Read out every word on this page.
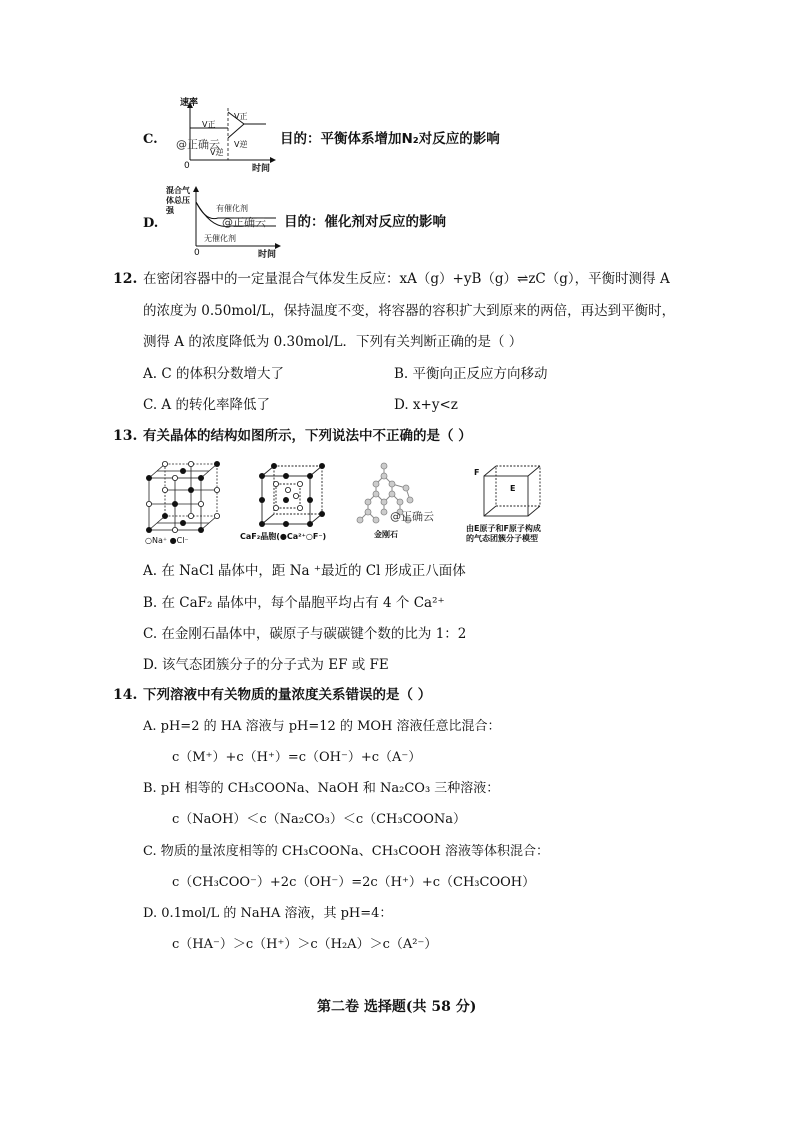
C.
速率
0	时间
V正
V逆
V正
V逆
@正确云	目的：平衡体系增加N₂对反应的影响
D.
混合气
体总压
强
0	时间
有催化剂
无催化剂
@正确云 目的：催化剂对反应的影响
12. 在密闭容器中的一定量混合气体发生反应：xA（g）+yB（g）⇌zC（g），平衡时测得 A
的浓度为 0.50mol/L，保持温度不变，将容器的容积扩大到原来的两倍，再达到平衡时，
测得 A 的浓度降低为 0.30mol/L．下列有关判断正确的是（ ）
A. C 的体积分数增大了	B. 平衡向正反应方向移动
C. A 的转化率降低了	D. x+y<z
13. 有关晶体的结构如图所示，下列说法中不正确的是（ ）
○Na⁺ ●Cl⁻	CaF₂晶胞(●Ca²⁺○F⁻)
@正确云
金刚石
F
E
由E原子和F原子构成
的气态团簇分子模型
A. 在 NaCl 晶体中，距 Na ⁺最近的 Cl 形成正八面体
B. 在 CaF₂ 晶体中，每个晶胞平均占有 4 个 Ca²⁺
C. 在金刚石晶体中，碳原子与碳碳键个数的比为 1：2
D. 该气态团簇分子的分子式为 EF 或 FE
14. 下列溶液中有关物质的量浓度关系错误的是（ ）
A. pH=2 的 HA 溶液与 pH=12 的 MOH 溶液任意比混合：
c（M⁺）+c（H⁺）=c（OH⁻）+c（A⁻）
B. pH 相等的 CH₃COONa、NaOH 和 Na₂CO₃ 三种溶液：
c（NaOH）＜c（Na₂CO₃）＜c（CH₃COONa）
C. 物质的量浓度相等的 CH₃COONa、CH₃COOH 溶液等体积混合：
c（CH₃COO⁻）+2c（OH⁻）=2c（H⁺）+c（CH₃COOH）
D. 0.1mol/L 的 NaHA 溶液，其 pH=4：
c（HA⁻）＞c（H⁺）＞c（H₂A）＞c（A²⁻）
第二卷 选择题(共 58 分)
